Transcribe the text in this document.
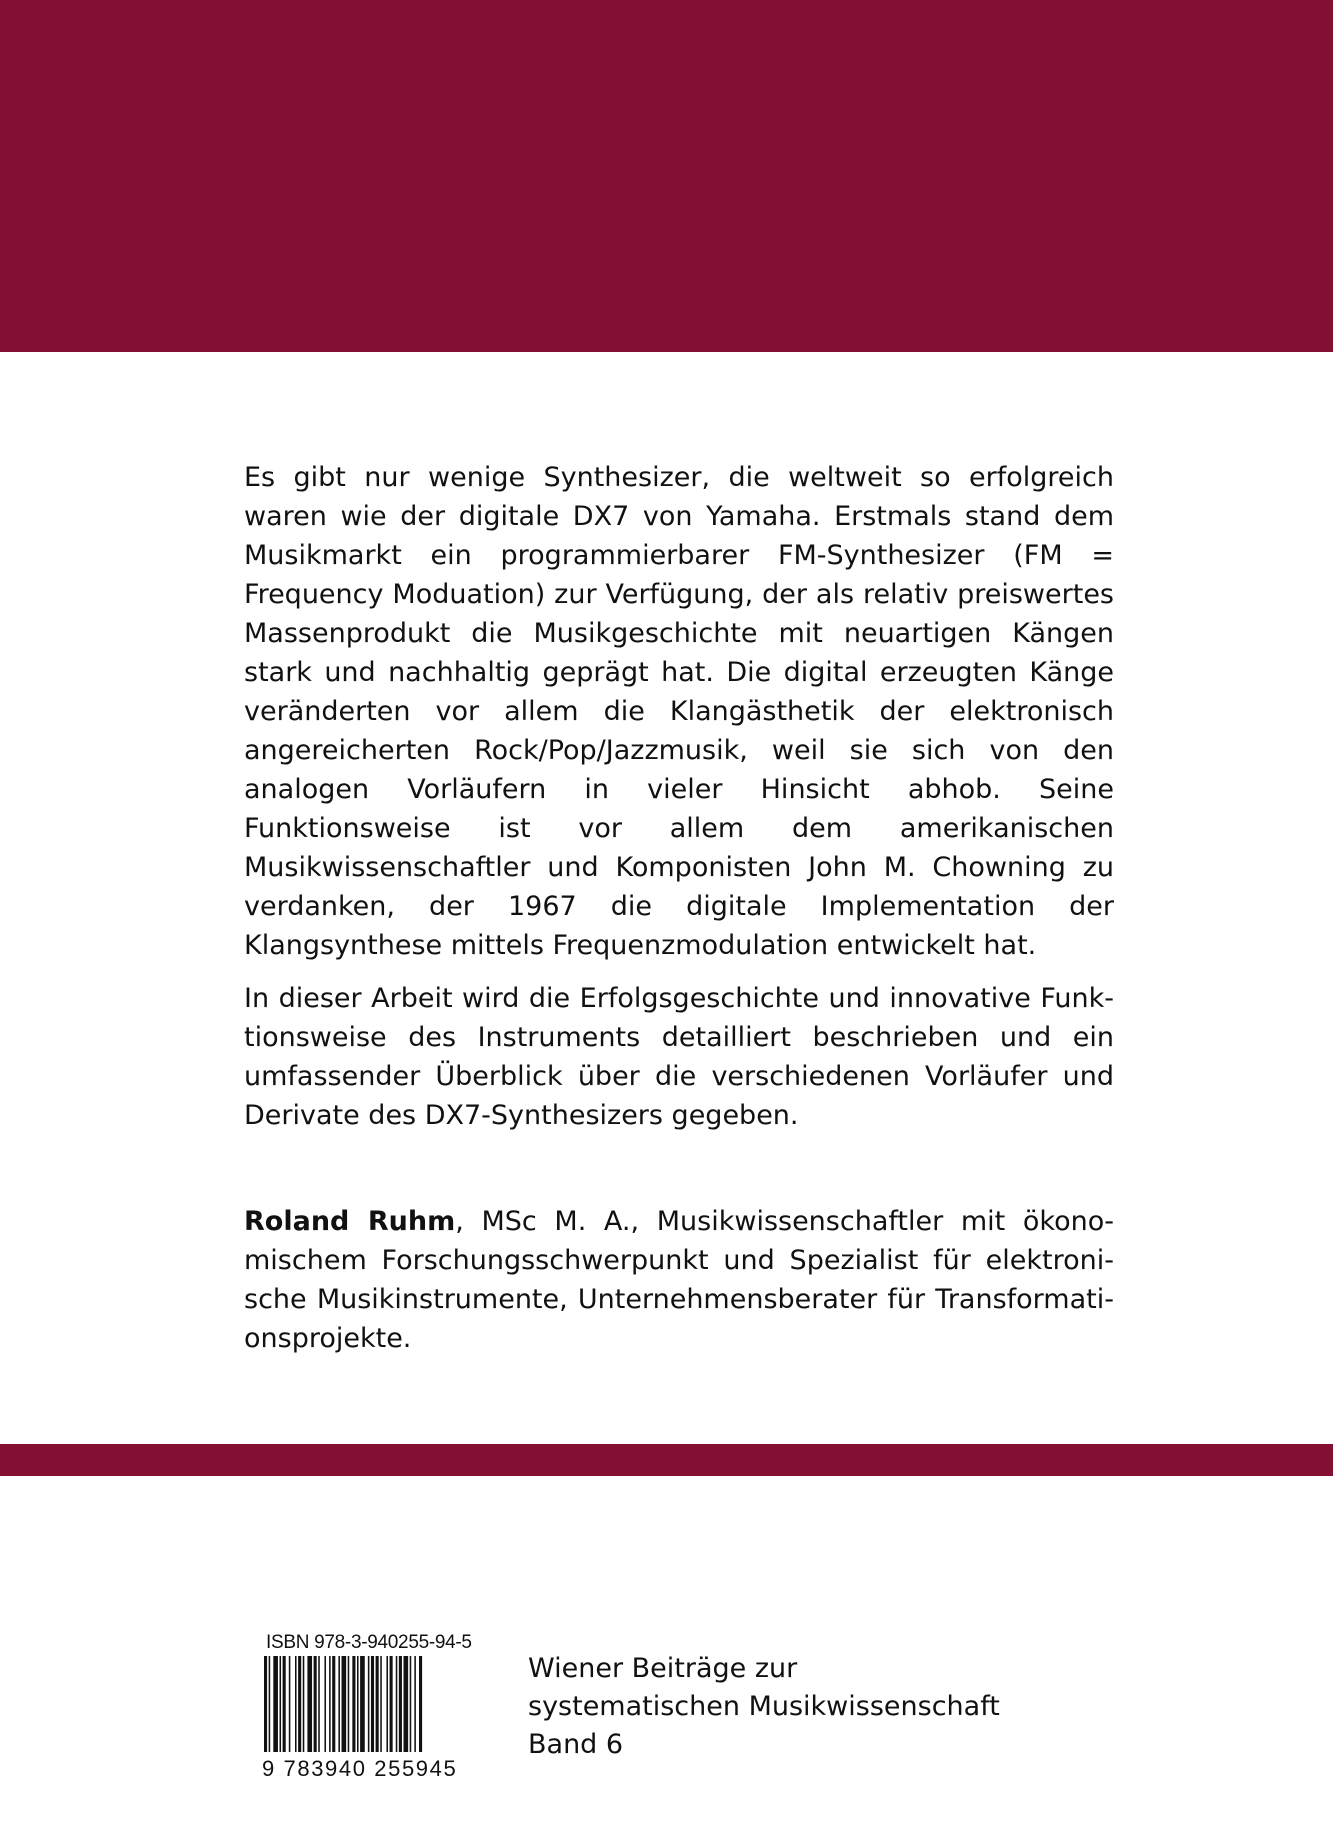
Es gibt nur wenige Synthesizer, die weltweit so erfolgreich waren wie der digitale DX7 von Yamaha. Erstmals stand dem Musikmarkt ein programmierbarer FM-Synthesizer (FM = Frequency Moduation) zur Verfügung, der als relativ preiswertes Massenprodukt die Musikgeschichte mit neuartigen Kängen stark und nachhaltig geprägt hat. Die digital erzeugten Känge veränderten vor allem die Klangästhetik der elektronisch angereicherten Rock/Pop/Jazzmusik, weil sie sich von den analogen Vorläufern in vieler Hinsicht abhob. Seine Funktionsweise ist vor allem dem amerikanischen Musikwissenschaftler und Komponisten John M. Chowning zu verdanken, der 1967 die digitale Implementation der Klangsynthese mittels Frequenzmodulation entwickelt hat.

In dieser Arbeit wird die Erfolgsgeschichte und innovative Funktionsweise des Instruments detailliert beschrieben und ein umfassender Überblick über die verschiedenen Vorläufer und Derivate des DX7-Synthesizers gegeben.

Roland Ruhm, MSc M. A., Musikwissenschaftler mit ökonomischem Forschungsschwerpunkt und Spezialist für elektronische Musikinstrumente, Unternehmensberater für Transformationsprojekte.

ISBN 978-3-940255-94-5
9 783940 255945
Wiener Beiträge zur
systematischen Musikwissenschaft
Band 6
